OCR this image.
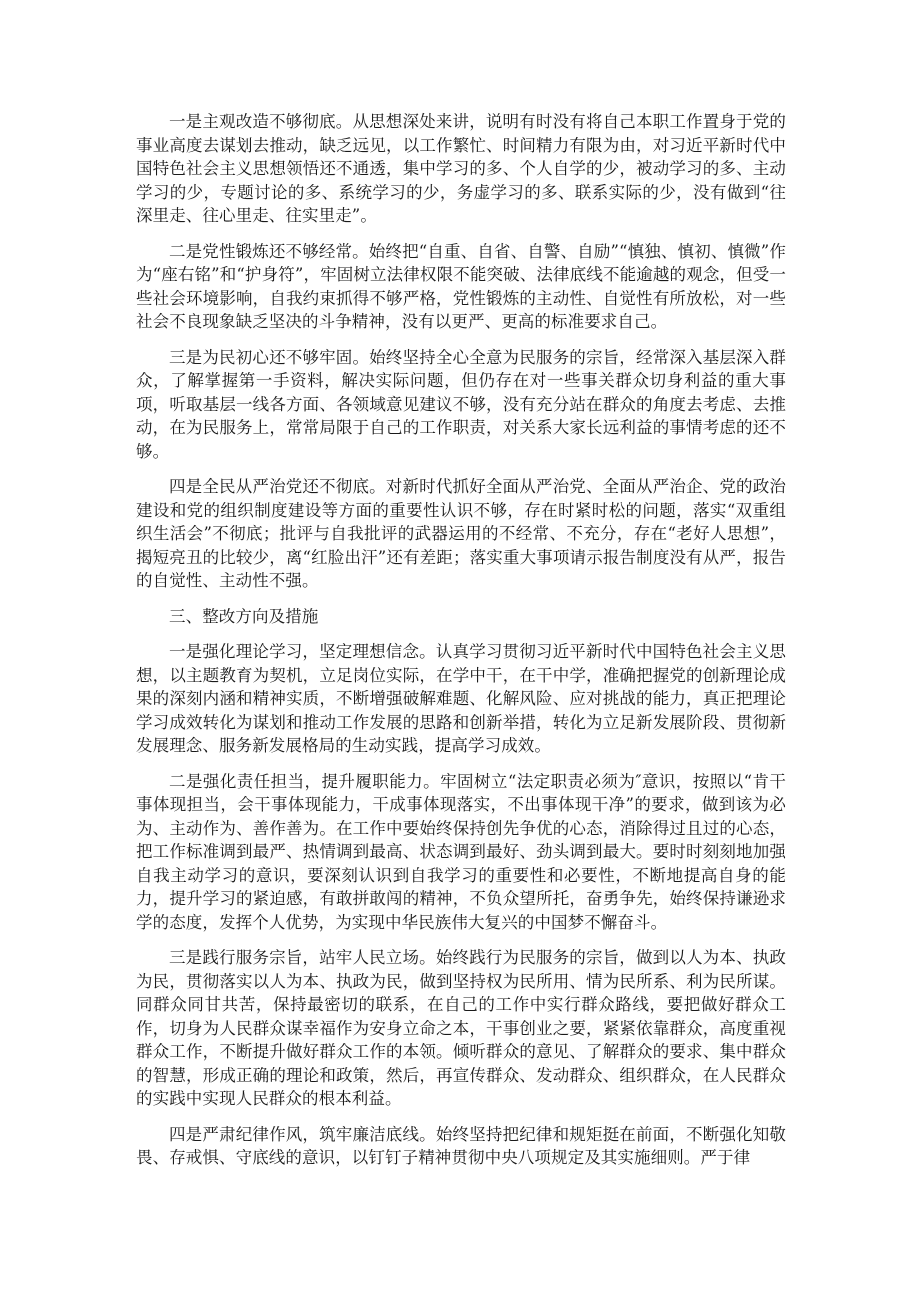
一是主观改造不够彻底。从思想深处来讲，说明有时没有将自己本职工作置身于党的事业高度去谋划去推动，缺乏远见，以工作繁忙、时间精力有限为由，对习近平新时代中国特色社会主义思想领悟还不通透，集中学习的多、个人自学的少，被动学习的多、主动学习的少，专题讨论的多、系统学习的少，务虚学习的多、联系实际的少，没有做到“往深里走、往心里走、往实里走”。

二是党性锻炼还不够经常。始终把“自重、自省、自警、自励”“慎独、慎初、慎微”作为“座右铭”和“护身符”，牢固树立法律权限不能突破、法律底线不能逾越的观念，但受一些社会环境影响，自我约束抓得不够严格，党性锻炼的主动性、自觉性有所放松，对一些社会不良现象缺乏坚决的斗争精神，没有以更严、更高的标准要求自己。

三是为民初心还不够牢固。始终坚持全心全意为民服务的宗旨，经常深入基层深入群众，了解掌握第一手资料，解决实际问题，但仍存在对一些事关群众切身利益的重大事项，听取基层一线各方面、各领域意见建议不够，没有充分站在群众的角度去考虑、去推动，在为民服务上，常常局限于自己的工作职责，对关系大家长远利益的事情考虑的还不够。

四是全民从严治党还不彻底。对新时代抓好全面从严治党、全面从严治企、党的政治建设和党的组织制度建设等方面的重要性认识不够，存在时紧时松的问题，落实“双重组织生活会”不彻底；批评与自我批评的武器运用的不经常、不充分，存在“老好人思想”，揭短亮丑的比较少，离“红脸出汗”还有差距；落实重大事项请示报告制度没有从严，报告的自觉性、主动性不强。

三、整改方向及措施

一是强化理论学习，坚定理想信念。认真学习贯彻习近平新时代中国特色社会主义思想，以主题教育为契机，立足岗位实际，在学中干，在干中学，准确把握党的创新理论成果的深刻内涵和精神实质，不断增强破解难题、化解风险、应对挑战的能力，真正把理论学习成效转化为谋划和推动工作发展的思路和创新举措，转化为立足新发展阶段、贯彻新发展理念、服务新发展格局的生动实践，提高学习成效。

二是强化责任担当，提升履职能力。牢固树立“法定职责必须为″意识，按照以“肯干事体现担当，会干事体现能力，干成事体现落实，不出事体现干净”的要求，做到该为必为、主动作为、善作善为。在工作中要始终保持创先争优的心态，消除得过且过的心态，把工作标准调到最严、热情调到最高、状态调到最好、劲头调到最大。要时时刻刻地加强自我主动学习的意识，要深刻认识到自我学习的重要性和必要性，不断地提高自身的能力，提升学习的紧迫感，有敢拼敢闯的精神，不负众望所托，奋勇争先，始终保持谦逊求学的态度，发挥个人优势，为实现中华民族伟大复兴的中国梦不懈奋斗。

三是践行服务宗旨，站牢人民立场。始终践行为民服务的宗旨，做到以人为本、执政为民，贯彻落实以人为本、执政为民，做到坚持权为民所用、情为民所系、利为民所谋。同群众同甘共苦，保持最密切的联系，在自己的工作中实行群众路线，要把做好群众工作，切身为人民群众谋幸福作为安身立命之本，干事创业之要，紧紧依靠群众，高度重视群众工作，不断提升做好群众工作的本领。倾听群众的意见、了解群众的要求、集中群众的智慧，形成正确的理论和政策，然后，再宣传群众、发动群众、组织群众，在人民群众的实践中实现人民群众的根本利益。

四是严肃纪律作风，筑牢廉洁底线。始终坚持把纪律和规矩挺在前面，不断强化知敬畏、存戒惧、守底线的意识，以钉钉子精神贯彻中央八项规定及其实施细则。严于律
